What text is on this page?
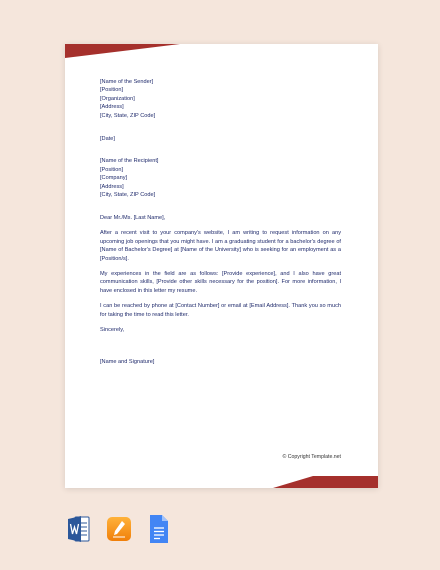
[Name of the Sender]
[Position]
[Organization]
[Address]
[City, State, ZIP Code]
[Date]
[Name of the Recipient]
[Position]
[Company]
[Address]
[City, State, ZIP Code]

Dear Mr./Ms. [Last Name],

After a recent visit to your company's website, I am writing to request information on any upcoming job openings that you might have. I am a graduating student for a bachelor's degree of [Name of Bachelor's Degree] at [Name of the University] who is seeking for an employment as a [Position/s].

My experiences in the field are as follows: [Provide experience], and I also have great communication skills, [Provide other skills necessary for the position]. For more information, I have enclosed in this letter my resume.

I can be reached by phone at [Contact Number] or email at [Email Address]. Thank you so much for taking the time to read this letter.

Sincerely,

[Name and Signature]

© Copyright Template.net
